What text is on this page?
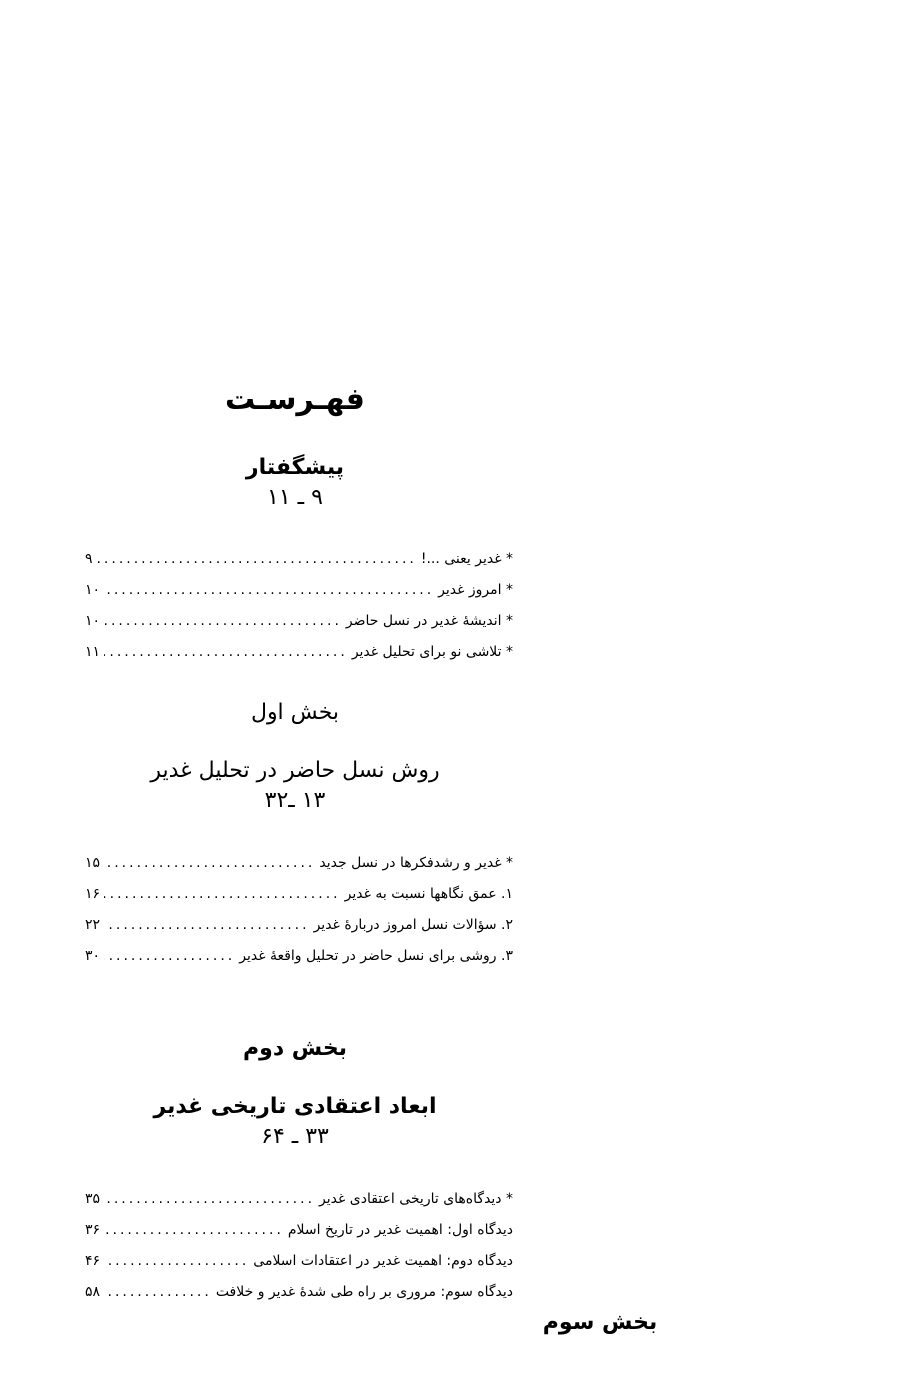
فهـرسـت
پیشگفتار
۹ ـ ۱۱
* غدیر یعنی ...!
.....
۹
* امروز غدیر
.....
۱۰
* اندیشهٔ غدیر در نسل حاضر
.....
۱۰
* تلاشی نو برای تحلیل غدیر
.....
۱۱
بخش اول
روش نسل حاضر در تحلیل غدیر
۱۳ ـ۳۲
* غدیر و رشدفکرها در نسل جدید
.....
۱۵
۱. عمق نگاهها نسبت به غدیر
.....
۱۶
۲. سؤالات نسل امروز دربارهٔ غدیر
.....
۲۲
۳. روشی برای نسل حاضر در تحلیل واقعهٔ غدیر
.....
۳۰
بخش دوم
ابعاد اعتقادی تاریخی غدیر
۳۳ ـ ۶۴
* دیدگاه‌های تاریخی اعتقادی غدیر
.....
۳۵
دیدگاه اول: اهمیت غدیر در تاریخ اسلام
.....
۳۶
دیدگاه دوم: اهمیت غدیر در اعتقادات اسلامی
.....
۴۶
دیدگاه سوم: مروری بر راه طی شدهٔ غدیر و خلافت
.....
۵۸
بخش سوم
